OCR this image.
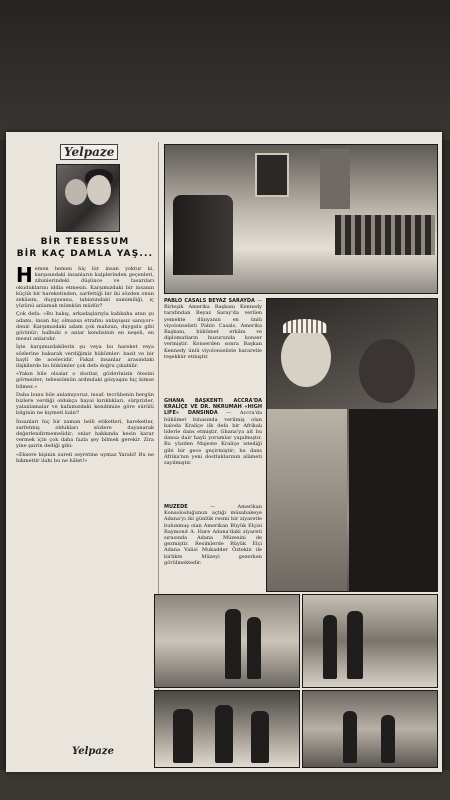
Yelpaze
BİR TEBESSUM
BİR KAÇ DAMLA YAŞ...

Hemen hemen hiç bir insan yoktur ki, karşısındaki insanların kalplerinden geçenleri, zihinlerindeki düşünce ve tasarıları okuduklarını iddia etmesin. Karşımızdaki bir insanın küçük bir hareketinden, sarfettiği bir iki sözden onun zekâsını, duygusunu, tabiatındaki samimiliği, iç yüzünü anlamak mümkün müdür?

Çok defa: «Bu bakış, arkadaşlarıyla kahkaha atan şu adamı, insan hiç olmazsa etrafını anlayışsız sanıyor» denir. Karşımızdaki adam çok mahzun, duygulu gibi görünür; halbuki o anlar kendisinin en neşeli, en mesut anlarıdır.

İşte karşımızdakilerin şu veya bu hareket veya sözlerine bakarak verdiğimiz hükümler: basit ve bir hayli de acelecidir. Fakat insanlar arasındaki ilişkilerde bu hükümler çok defa doğru çıkabilir.

«Yakın bile olsalar o dostlar, gözlerinizin ötesini görmezler; tebessümün ardındaki gözyaşını hiç kimse bilmez.»

Daha bunu bile anlamıyoruz, insaf: tecrübenin hergün bizlere verdiği oldukça hayal kırıklıkları, sürprizler, yalanlamalar ve kafamızdaki kendimize göre sürülü bilginin ne kıymeti kalır?

İnsanları hiç bir zaman belli etiketleri, hareketler, sarfetmiş oldukları sözlere dayanarak değerlendirmemelidir; onlar hakkında kesin karar vermek için çok daha fazla şey bilmek gerekir. Zira yine şairin dediği gibi:

«Eksere kişinin sureti seyretine uymaz Yarabî! Bu ne hikmettir ilahi bu ne hâlet!»

Yelpaze
PABLO CASALS BEYAZ SARAYDA — Birleşik Amerika Başkanı Kennedy tarafından Beyaz Saray'da verilen yemekte dünyanın en ünlü viyolonselisti Pablo Casals, Amerika Başkanı, hükümet erkânı ve diplomatların huzurunda konser vermiştir. Konserden sonra Başkan Kennedy ünlü viyolonseliste hararetle teşekkür etmiştir.
GHANA BAŞKENTİ ACCRA'DA KRALİÇE VE DR. NKRUMAH «HIGH LIFE» DANSINDA — Accra'da hükümet binasında verilmiş olan baloda Kraliçe ilk defa bir Afrikalı liderle dans etmiştir. Ghana'ya ait bu dansa dair hayli yorumlar yapılmıştır. Bu yüzden Majeste Kraliçe istediği gibi bir gece geçirmiştir; bu dans Afrika'nın yeni dostluklarının alâmeti sayılmıştır.
MÜZEDE	— Amerikan Konsolosluğunun açtığı müsabakeye Adana'yı iki günlük resmi bir ziyaretle bulunmuş olan Amerikan Büyük Elçisi Raymond A. Hare Adana'daki ziyareti sırasında Adana Müzesini de gezmiştir. Resimlerde Büyük Elçi Adana Valisi Mukadder Öztekin ile birlikte Müzeyi gezerken görülmektedir.
